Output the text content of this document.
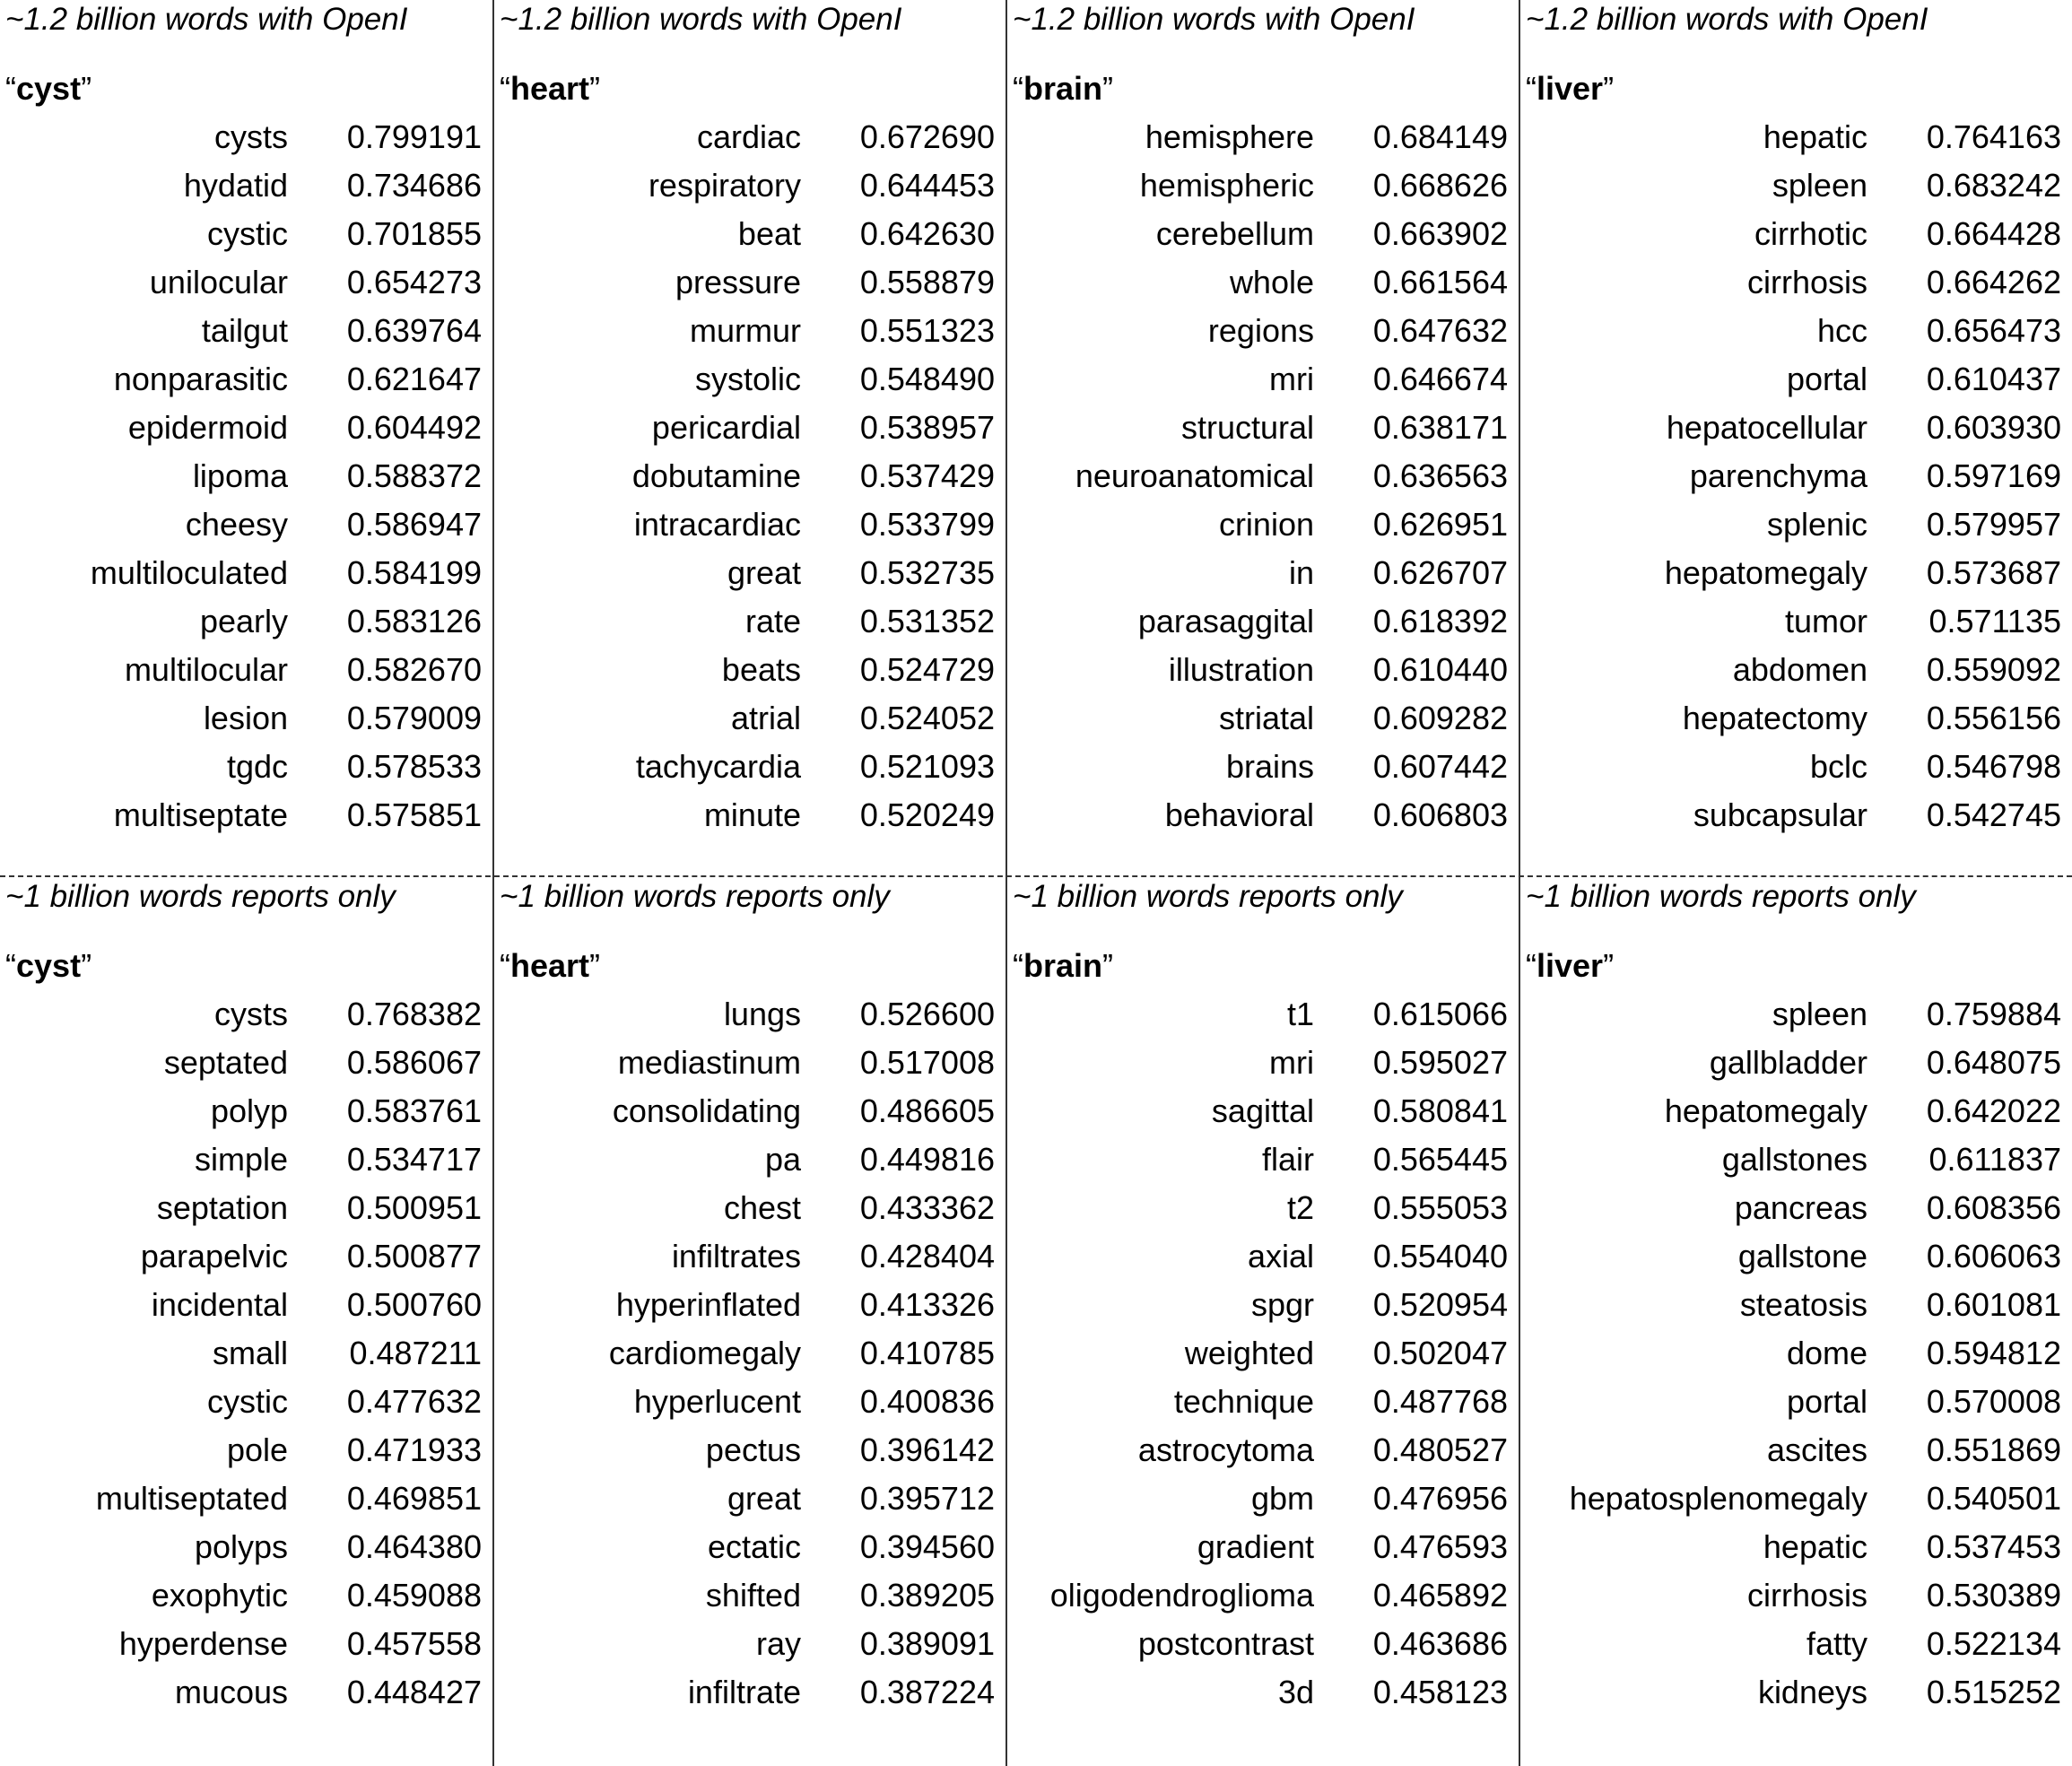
~1.2 billion words with OpenI
“cyst”
cysts 0.799191
hydatid 0.734686
cystic 0.701855
unilocular 0.654273
tailgut 0.639764
nonparasitic 0.621647
epidermoid 0.604492
lipoma 0.588372
cheesy 0.586947
multiloculated 0.584199
pearly 0.583126
multilocular 0.582670
lesion 0.579009
tgdc 0.578533
multiseptate 0.575851
~1.2 billion words with OpenI
“heart”
cardiac 0.672690
respiratory 0.644453
beat 0.642630
pressure 0.558879
murmur 0.551323
systolic 0.548490
pericardial 0.538957
dobutamine 0.537429
intracardiac 0.533799
great 0.532735
rate 0.531352
beats 0.524729
atrial 0.524052
tachycardia 0.521093
minute 0.520249
~1.2 billion words with OpenI
“brain”
hemisphere 0.684149
hemispheric 0.668626
cerebellum 0.663902
whole 0.661564
regions 0.647632
mri 0.646674
structural 0.638171
neuroanatomical 0.636563
crinion 0.626951
in 0.626707
parasaggital 0.618392
illustration 0.610440
striatal 0.609282
brains 0.607442
behavioral 0.606803
~1.2 billion words with OpenI
“liver”
hepatic 0.764163
spleen 0.683242
cirrhotic 0.664428
cirrhosis 0.664262
hcc 0.656473
portal 0.610437
hepatocellular 0.603930
parenchyma 0.597169
splenic 0.579957
hepatomegaly 0.573687
tumor 0.571135
abdomen 0.559092
hepatectomy 0.556156
bclc 0.546798
subcapsular 0.542745
~1 billion words reports only
“cyst”
cysts 0.768382
septated 0.586067
polyp 0.583761
simple 0.534717
septation 0.500951
parapelvic 0.500877
incidental 0.500760
small 0.487211
cystic 0.477632
pole 0.471933
multiseptated 0.469851
polyps 0.464380
exophytic 0.459088
hyperdense 0.457558
mucous 0.448427
~1 billion words reports only
“heart”
lungs 0.526600
mediastinum 0.517008
consolidating 0.486605
pa 0.449816
chest 0.433362
infiltrates 0.428404
hyperinflated 0.413326
cardiomegaly 0.410785
hyperlucent 0.400836
pectus 0.396142
great 0.395712
ectatic 0.394560
shifted 0.389205
ray 0.389091
infiltrate 0.387224
~1 billion words reports only
“brain”
t1 0.615066
mri 0.595027
sagittal 0.580841
flair 0.565445
t2 0.555053
axial 0.554040
spgr 0.520954
weighted 0.502047
technique 0.487768
astrocytoma 0.480527
gbm 0.476956
gradient 0.476593
oligodendroglioma 0.465892
postcontrast 0.463686
3d 0.458123
~1 billion words reports only
“liver”
spleen 0.759884
gallbladder 0.648075
hepatomegaly 0.642022
gallstones 0.611837
pancreas 0.608356
gallstone 0.606063
steatosis 0.601081
dome 0.594812
portal 0.570008
ascites 0.551869
hepatosplenomegaly 0.540501
hepatic 0.537453
cirrhosis 0.530389
fatty 0.522134
kidneys 0.515252
